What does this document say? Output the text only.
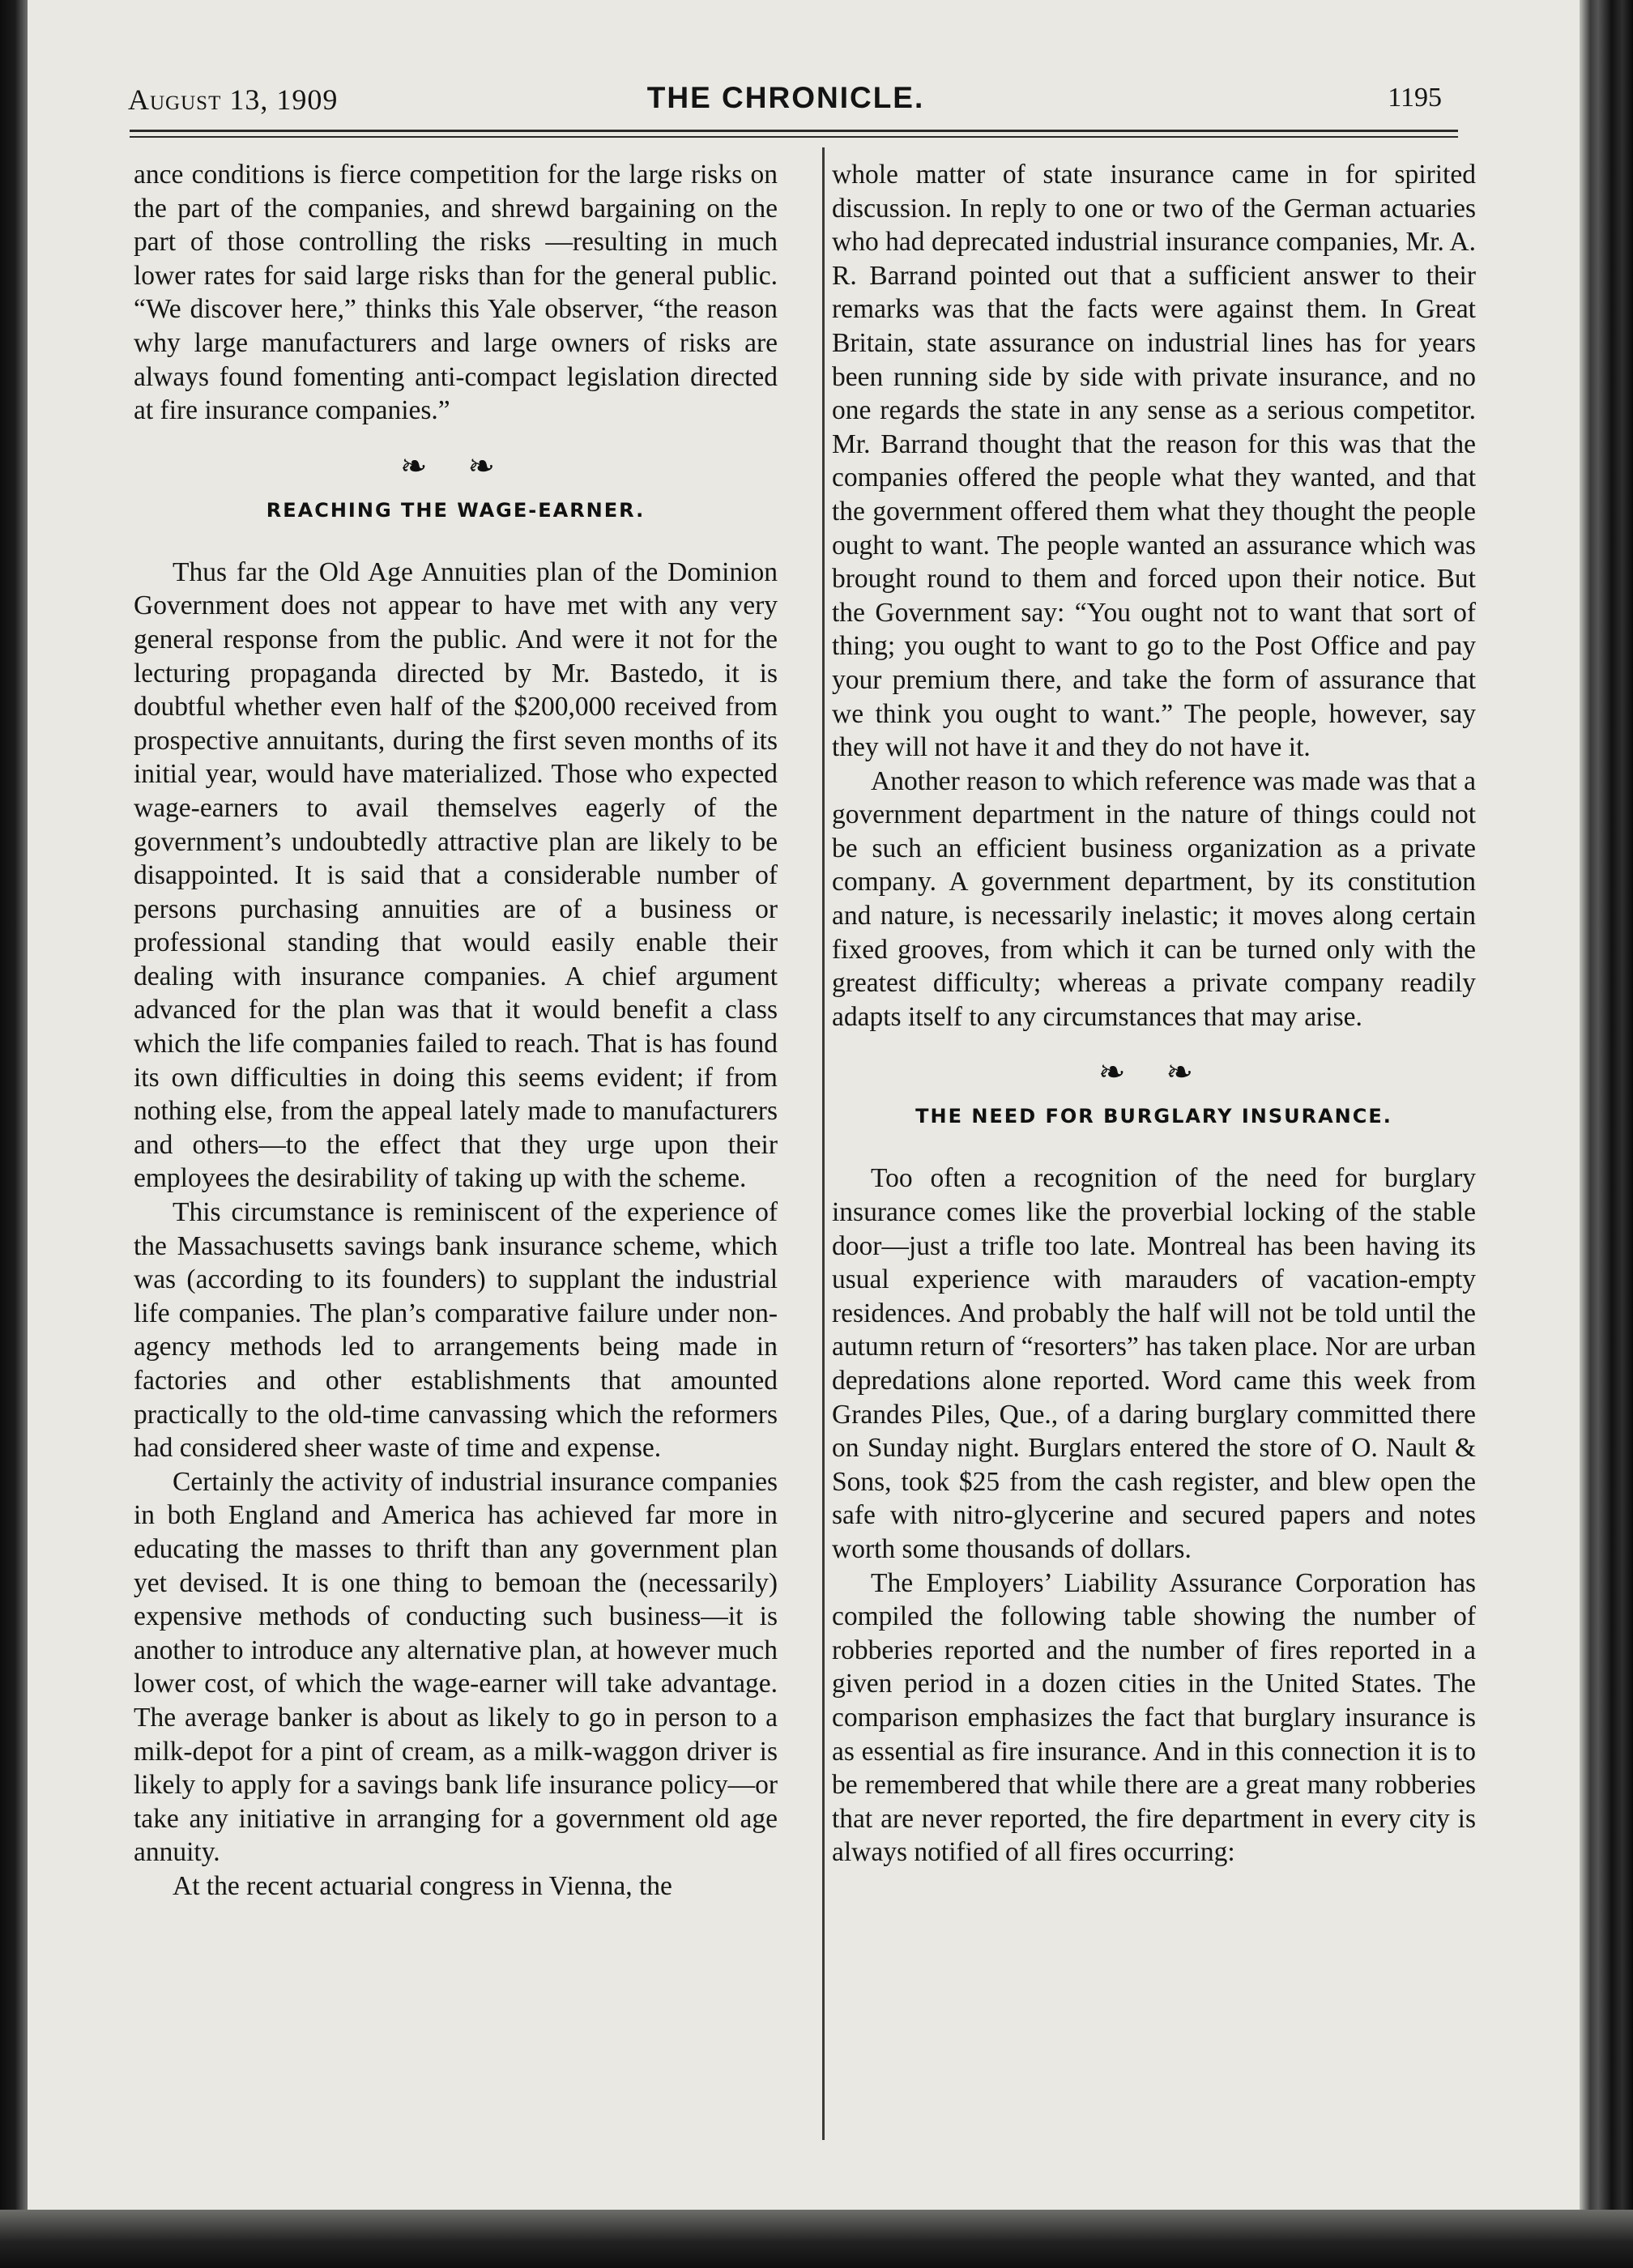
August 13, 1909	THE CHRONICLE.	1195

ance conditions is fierce competition for the large risks on the part of the companies, and shrewd bargaining on the part of those controlling the risks —resulting in much lower rates for said large risks than for the general public. “We discover here,” thinks this Yale observer, “the reason why large manufacturers and large owners of risks are always found fomenting anti-compact legislation directed at fire insurance companies.”

❧ ❧
REACHING THE WAGE-EARNER.

Thus far the Old Age Annuities plan of the Dominion Government does not appear to have met with any very general response from the public. And were it not for the lecturing propaganda directed by Mr. Bastedo, it is doubtful whether even half of the $200,000 received from prospective annuitants, during the first seven months of its initial year, would have materialized. Those who expected wage-earners to avail themselves eagerly of the government’s undoubtedly attractive plan are likely to be disappointed. It is said that a considerable number of persons purchasing annuities are of a business or professional standing that would easily enable their dealing with insurance companies. A chief argument advanced for the plan was that it would benefit a class which the life companies failed to reach. That is has found its own difficulties in doing this seems evident; if from nothing else, from the appeal lately made to manufacturers and others—to the effect that they urge upon their employees the desirability of taking up with the scheme.

This circumstance is reminiscent of the experience of the Massachusetts savings bank insurance scheme, which was (according to its founders) to supplant the industrial life companies. The plan’s comparative failure under non-agency methods led to arrangements being made in factories and other establishments that amounted practically to the old-time canvassing which the reformers had considered sheer waste of time and expense.

Certainly the activity of industrial insurance companies in both England and America has achieved far more in educating the masses to thrift than any government plan yet devised. It is one thing to bemoan the (necessarily) expensive methods of conducting such business—it is another to introduce any alternative plan, at however much lower cost, of which the wage-earner will take advantage. The average banker is about as likely to go in person to a milk-depot for a pint of cream, as a milk-waggon driver is likely to apply for a savings bank life insurance policy—or take any initiative in arranging for a government old age annuity.

At the recent actuarial congress in Vienna, the

whole matter of state insurance came in for spirited discussion. In reply to one or two of the German actuaries who had deprecated industrial insurance companies, Mr. A. R. Barrand pointed out that a sufficient answer to their remarks was that the facts were against them. In Great Britain, state assurance on industrial lines has for years been running side by side with private insurance, and no one regards the state in any sense as a serious competitor. Mr. Barrand thought that the reason for this was that the companies offered the people what they wanted, and that the government offered them what they thought the people ought to want. The people wanted an assurance which was brought round to them and forced upon their notice. But the Government say: “You ought not to want that sort of thing; you ought to want to go to the Post Office and pay your premium there, and take the form of assurance that we think you ought to want.” The people, however, say they will not have it and they do not have it.

Another reason to which reference was made was that a government department in the nature of things could not be such an efficient business organization as a private company. A government department, by its constitution and nature, is necessarily inelastic; it moves along certain fixed grooves, from which it can be turned only with the greatest difficulty; whereas a private company readily adapts itself to any circumstances that may arise.

❧ ❧
THE NEED FOR BURGLARY INSURANCE.

Too often a recognition of the need for burglary insurance comes like the proverbial locking of the stable door—just a trifle too late. Montreal has been having its usual experience with marauders of vacation-empty residences. And probably the half will not be told until the autumn return of “resorters” has taken place. Nor are urban depredations alone reported. Word came this week from Grandes Piles, Que., of a daring burglary committed there on Sunday night. Burglars entered the store of O. Nault & Sons, took $25 from the cash register, and blew open the safe with nitro-glycerine and secured papers and notes worth some thousands of dollars.

The Employers’ Liability Assurance Corporation has compiled the following table showing the number of robberies reported and the number of fires reported in a given period in a dozen cities in the United States. The comparison emphasizes the fact that burglary insurance is as essential as fire insurance. And in this connection it is to be remembered that while there are a great many robberies that are never reported, the fire department in every city is always notified of all fires occurring:
